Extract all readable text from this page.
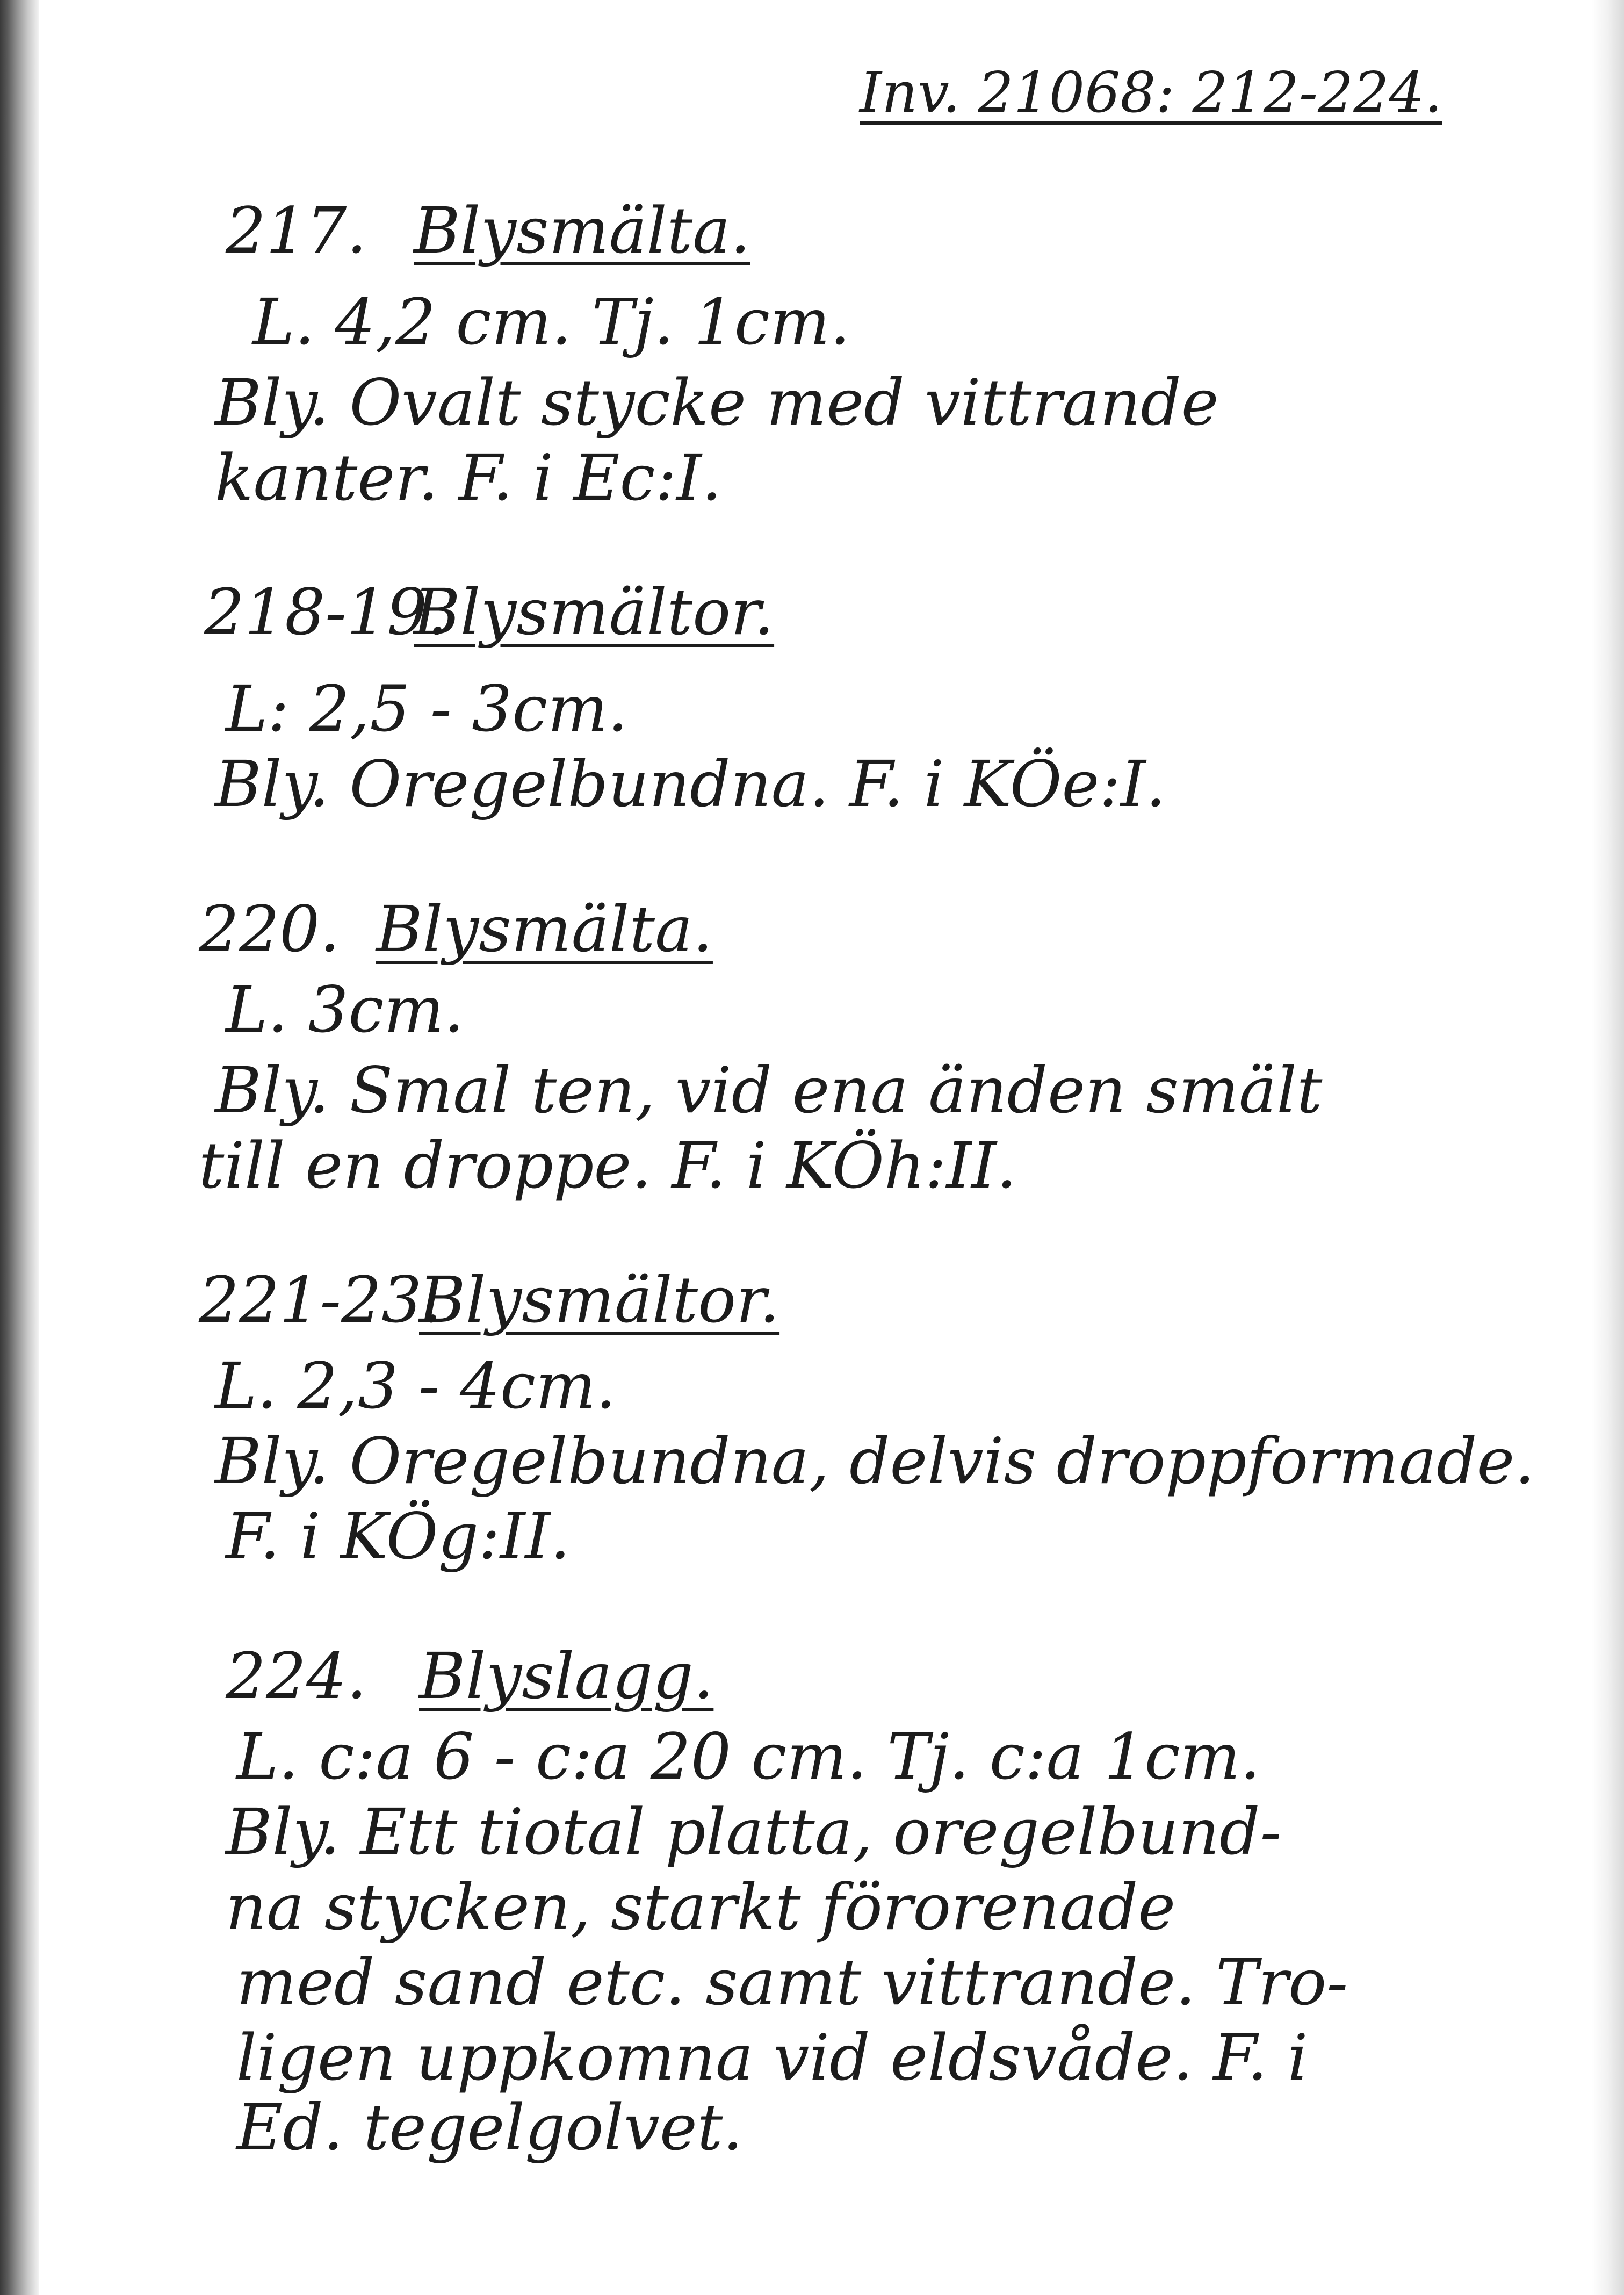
Inv. 21068: 212-224.
217. Blysmälta.
L. 4,2 cm. Tj. 1cm.
Bly. Ovalt stycke med vittrande
kanter. F. i Ec:I.
218-19.
Blysmältor.
L: 2,5 - 3cm.
Bly. Oregelbundna. F. i KÖe:I.
220. Blysmälta.
L. 3cm.
Bly. Smal ten, vid ena änden smält
till en droppe. F. i KÖh:II.
221-23.
Blysmältor.
L. 2,3 - 4cm.
Bly. Oregelbundna, delvis droppformade.
F. i KÖg:II.
224. Blyslagg.
L. c:a 6 - c:a 20 cm. Tj. c:a 1cm.
Bly. Ett tiotal platta, oregelbund-
na stycken, starkt förorenade
med sand etc. samt vittrande. Tro-
ligen uppkomna vid eldsvåde. F. i
Ed. tegelgolvet.
